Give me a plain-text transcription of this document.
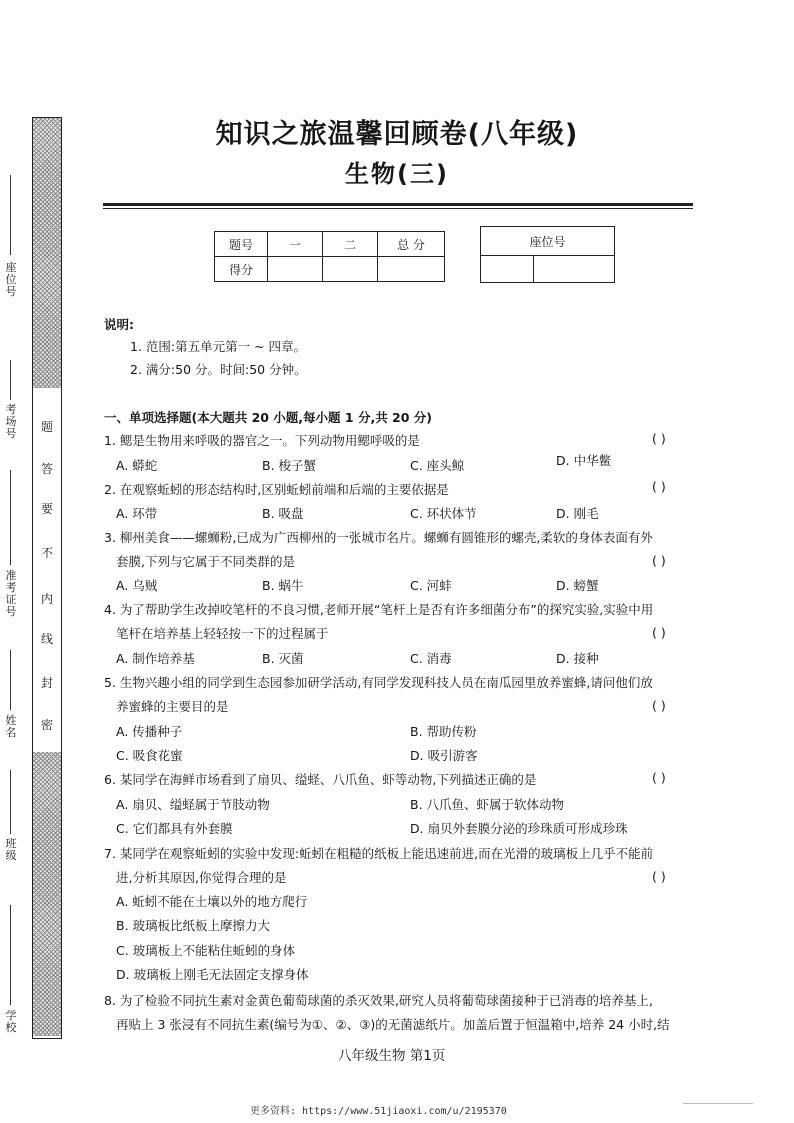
题
答
要
不
内
线
封
密
座位号
考场号
准考证号
姓名
班级
学校
知识之旅温馨回顾卷(八年级)
生物(三)
题号	一	二	总 分
得分			
座位号

说明:
1. 范围:第五单元第一 ~ 四章。
2. 满分:50 分。时间:50 分钟。
一、单项选择题(本大题共 20 小题,每小题 1 分,共 20 分)
1. 鳃是生物用来呼吸的器官之一。下列动物用鳃呼吸的是	( )
A. 蟒蛇	B. 梭子蟹	C. 座头鲸	D. 中华鳖
2. 在观察蚯蚓的形态结构时,区别蚯蚓前端和后端的主要依据是	( )
A. 环带	B. 吸盘	C. 环状体节	D. 刚毛
3. 柳州美食——螺蛳粉,已成为广西柳州的一张城市名片。螺蛳有圆锥形的螺壳,柔软的身体表面有外
套膜,下列与它属于不同类群的是	( )
A. 乌贼	B. 蜗牛	C. 河蚌	D. 螃蟹
4. 为了帮助学生改掉咬笔杆的不良习惯,老师开展“笔杆上是否有许多细菌分布”的探究实验,实验中用
笔杆在培养基上轻轻按一下的过程属于	( )
A. 制作培养基	B. 灭菌	C. 消毒	D. 接种
5. 生物兴趣小组的同学到生态园参加研学活动,有同学发现科技人员在南瓜园里放养蜜蜂,请问他们放
养蜜蜂的主要目的是	( )
A. 传播种子	B. 帮助传粉
C. 吸食花蜜	D. 吸引游客
6. 某同学在海鲜市场看到了扇贝、缢蛏、八爪鱼、虾等动物,下列描述正确的是	( )
A. 扇贝、缢蛏属于节肢动物	B. 八爪鱼、虾属于软体动物
C. 它们都具有外套膜	D. 扇贝外套膜分泌的珍珠质可形成珍珠
7. 某同学在观察蚯蚓的实验中发现:蚯蚓在粗糙的纸板上能迅速前进,而在光滑的玻璃板上几乎不能前
进,分析其原因,你觉得合理的是	( )
A. 蚯蚓不能在土壤以外的地方爬行
B. 玻璃板比纸板上摩擦力大
C. 玻璃板上不能粘住蚯蚓的身体
D. 玻璃板上刚毛无法固定支撑身体
8. 为了检验不同抗生素对金黄色葡萄球菌的杀灭效果,研究人员将葡萄球菌接种于已消毒的培养基上,
再贴上 3 张浸有不同抗生素(编号为①、②、③)的无菌滤纸片。加盖后置于恒温箱中,培养 24 小时,结
八年级生物 第1页
更多资料: https://www.51jiaoxi.com/u/2195370
